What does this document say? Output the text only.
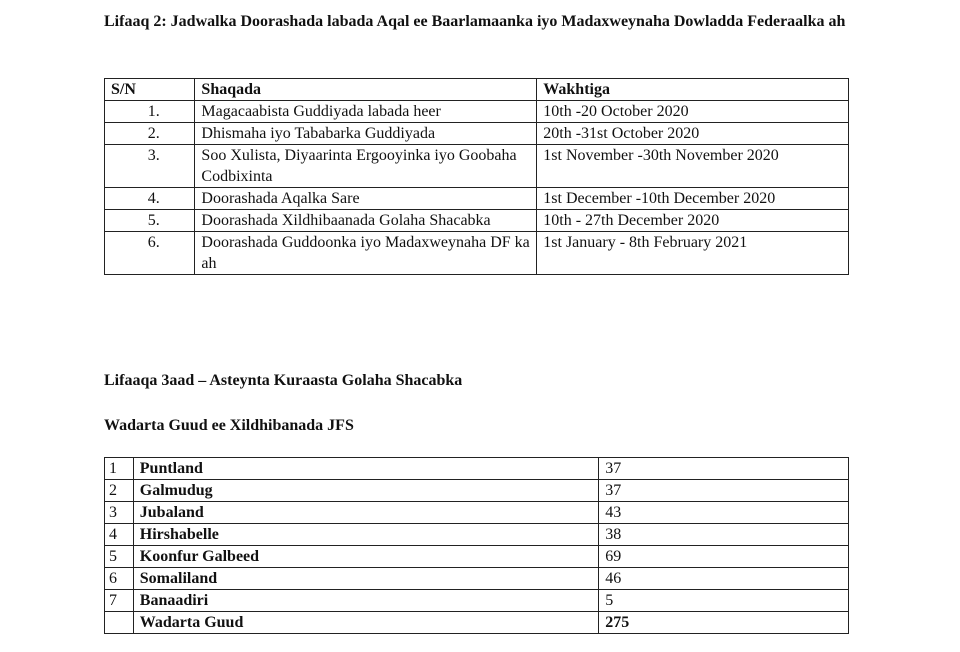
Lifaaq 2: Jadwalka Doorashada labada Aqal ee Baarlamaanka iyo Madaxweynaha Dowladda Federaalka ah
S/N	Shaqada	Wakhtiga
1.	Magacaabista Guddiyada labada heer	10th -20 October 2020
2.	Dhismaha iyo Tababarka Guddiyada	20th -31st October 2020
3.	Soo Xulista, Diyaarinta Ergooyinka iyo Goobaha Codbixinta	1st November -30th November 2020
4.	Doorashada Aqalka Sare	1st December -10th December 2020
5.	Doorashada Xildhibaanada Golaha Shacabka	10th - 27th December 2020
6.	Doorashada Guddoonka iyo Madaxweynaha DF ka ah	1st January - 8th February 2021
Lifaaqa 3aad – Asteynta Kuraasta Golaha Shacabka
Wadarta Guud ee Xildhibanada JFS
1	Puntland	37
2	Galmudug	37
3	Jubaland	43
4	Hirshabelle	38
5	Koonfur Galbeed	69
6	Somaliland	46
7	Banaadiri	5
	Wadarta Guud	275
